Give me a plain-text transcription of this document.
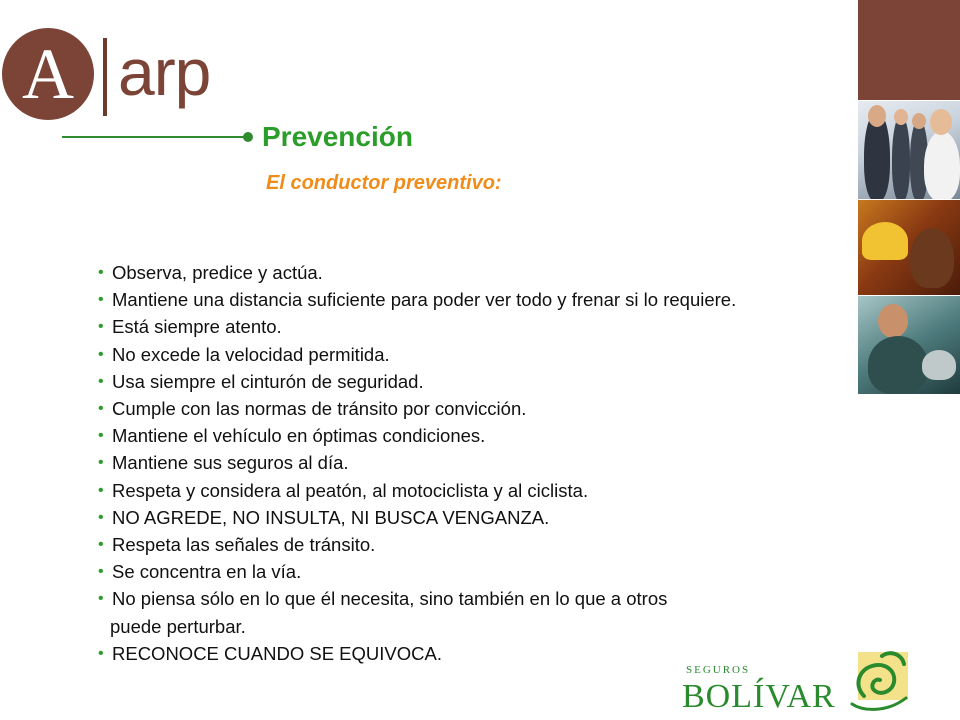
A arp
Prevención
El conductor preventivo:
• Observa, predice y actúa.
• Mantiene una distancia suficiente para poder ver todo y frenar si lo requiere.
• Está siempre atento.
• No excede la velocidad permitida.
• Usa siempre el cinturón de seguridad.
• Cumple con las normas de tránsito por convicción.
• Mantiene el vehículo en óptimas condiciones.
• Mantiene sus seguros al día.
• Respeta y considera al peatón, al motociclista y al ciclista.
• NO AGREDE, NO INSULTA, NI BUSCA VENGANZA.
• Respeta las señales de tránsito.
• Se concentra en la vía.
• No piensa sólo en lo que él necesita, sino también en lo que a otros
puede perturbar.
• RECONOCE CUANDO SE EQUIVOCA.
SEGUROS
BOLÍVAR
